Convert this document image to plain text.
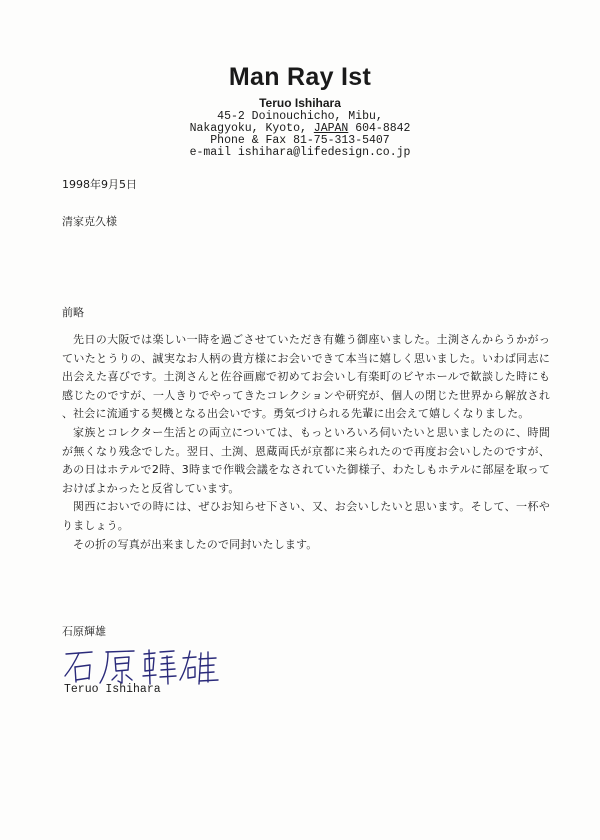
Man Ray Ist
Teruo Ishihara
45-2 Doinouchicho, Mibu,
Nakagyoku, Kyoto, JAPAN 604-8842
Phone & Fax 81-75-313-5407
e-mail ishihara@lifedesign.co.jp
1998年9月5日
清家克久様
前略

先日の大阪では楽しい一時を過ごさせていただき有難う御座いました。土渕さんからうかがっていたとうりの、誠実なお人柄の貴方様にお会いできて本当に嬉しく思いました。いわば同志に出会えた喜びです。土渕さんと佐谷画廊で初めてお会いし有楽町のビヤホールで歓談した時にも感じたのですが、一人きりでやってきたコレクションや研究が、個人の閉じた世界から解放され、社会に流通する契機となる出会いです。勇気づけられる先輩に出会えて嬉しくなりました。

家族とコレクター生活との両立については、もっといろいろ伺いたいと思いましたのに、時間が無くなり残念でした。翌日、土渕、恩蔵両氏が京都に来られたので再度お会いしたのですが、あの日はホテルで2時、3時まで作戦会議をなされていた御様子、わたしもホテルに部屋を取っておけばよかったと反省しています。

関西においでの時には、ぜひお知らせ下さい、又、お会いしたいと思います。そして、一杯やりましょう。

その折の写真が出来ましたので同封いたします。

石原輝雄
Teruo Ishihara
